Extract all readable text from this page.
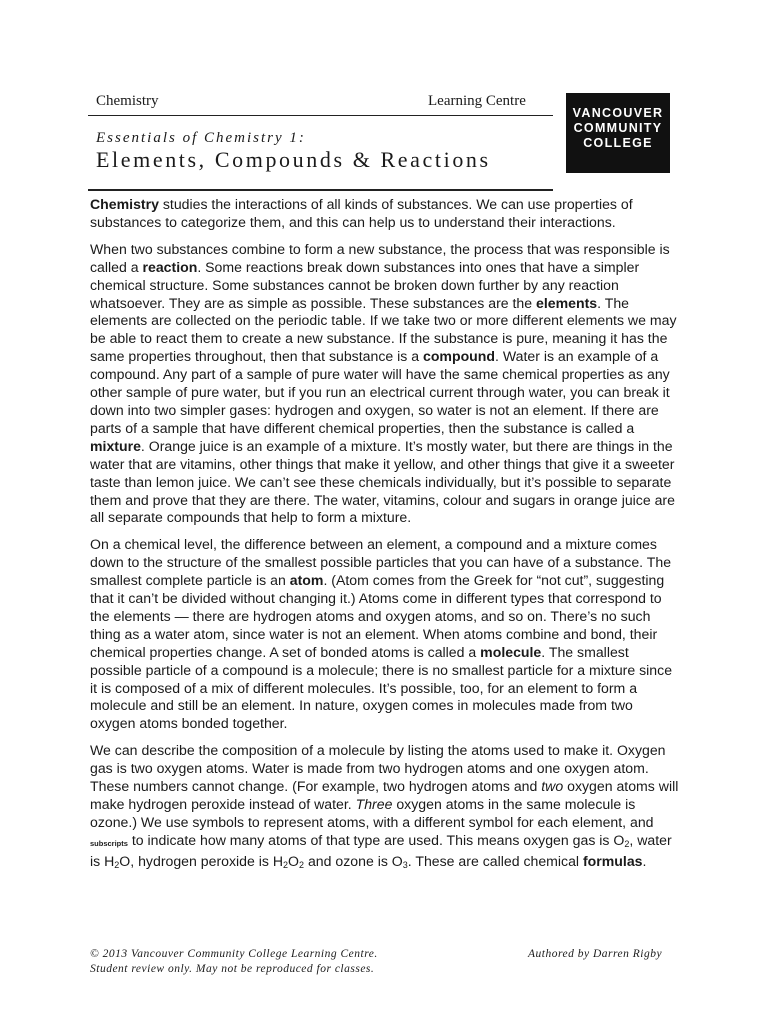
Chemistry	Learning Centre
Essentials of Chemistry 1:
Elements, Compounds & Reactions
VANCOUVER
COMMUNITY
COLLEGE

Chemistry studies the interactions of all kinds of substances. We can use properties of substances to categorize them, and this can help us to understand their interactions.

When two substances combine to form a new substance, the process that was responsible is called a reaction. Some reactions break down substances into ones that have a simpler chemical structure. Some substances cannot be broken down further by any reaction whatsoever. They are as simple as possible. These substances are the elements. The elements are collected on the periodic table. If we take two or more different elements we may be able to react them to create a new substance. If the substance is pure, meaning it has the same properties throughout, then that substance is a compound. Water is an example of a compound. Any part of a sample of pure water will have the same chemical properties as any other sample of pure water, but if you run an electrical current through water, you can break it down into two simpler gases: hydrogen and oxygen, so water is not an element. If there are parts of a sample that have different chemical properties, then the substance is called a mixture. Orange juice is an example of a mixture. It’s mostly water, but there are things in the water that are vitamins, other things that make it yellow, and other things that give it a sweeter taste than lemon juice. We can’t see these chemicals individually, but it’s possible to separate them and prove that they are there. The water, vitamins, colour and sugars in orange juice are all separate compounds that help to form a mixture.

On a chemical level, the difference between an element, a compound and a mixture comes down to the structure of the smallest possible particles that you can have of a substance. The smallest complete particle is an atom. (Atom comes from the Greek for “not cut”, suggesting that it can’t be divided without changing it.) Atoms come in different types that correspond to the elements — there are hydrogen atoms and oxygen atoms, and so on. There’s no such thing as a water atom, since water is not an element. When atoms combine and bond, their chemical properties change. A set of bonded atoms is called a molecule. The smallest possible particle of a compound is a molecule; there is no smallest particle for a mixture since it is composed of a mix of different molecules. It’s possible, too, for an element to form a molecule and still be an element. In nature, oxygen comes in molecules made from two oxygen atoms bonded together.

We can describe the composition of a molecule by listing the atoms used to make it. Oxygen gas is two oxygen atoms. Water is made from two hydrogen atoms and one oxygen atom. These numbers cannot change. (For example, two hydrogen atoms and two oxygen atoms will make hydrogen peroxide instead of water. Three oxygen atoms in the same molecule is ozone.) We use symbols to represent atoms, with a different symbol for each element, and subscripts to indicate how many atoms of that type are used. This means oxygen gas is $O_2$, water is $H_2O$, hydrogen peroxide is $H_2O_2$ and ozone is $O_3$. These are called chemical formulas.

© 2013 Vancouver Community College Learning Centre.
Student review only. May not be reproduced for classes.
Authored by Darren Rigby
